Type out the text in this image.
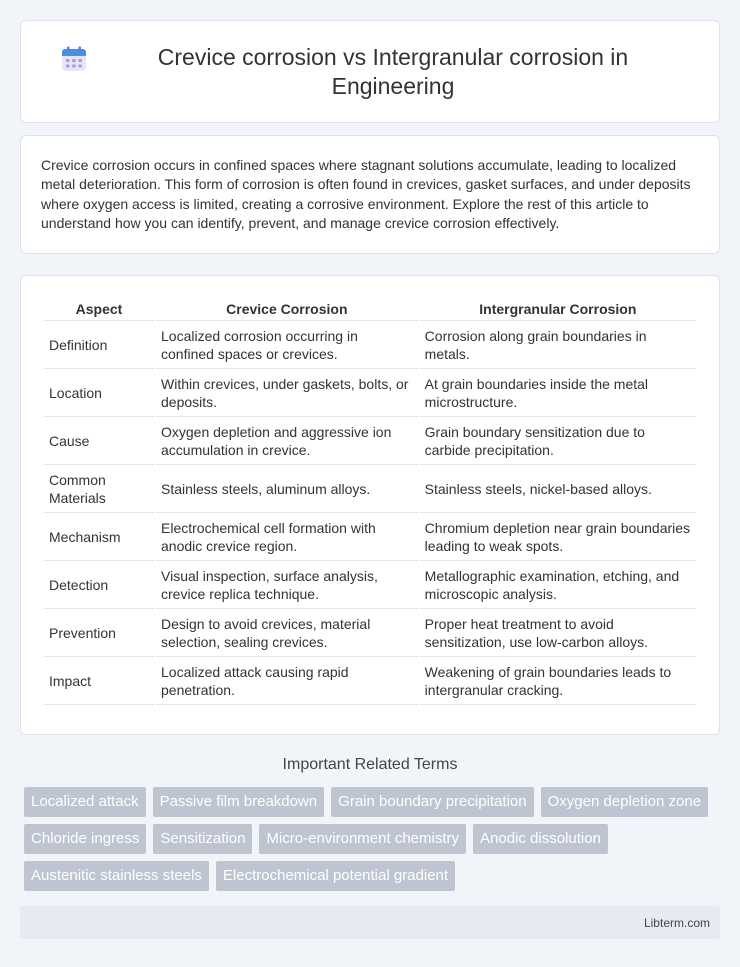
Crevice corrosion vs Intergranular corrosion in Engineering
Crevice corrosion occurs in confined spaces where stagnant solutions accumulate, leading to localized metal deterioration. This form of corrosion is often found in crevices, gasket surfaces, and under deposits where oxygen access is limited, creating a corrosive environment. Explore the rest of this article to understand how you can identify, prevent, and manage crevice corrosion effectively.
Aspect	Crevice Corrosion	Intergranular Corrosion
Definition	Localized corrosion occurring in confined spaces or crevices.	Corrosion along grain boundaries in metals.
Location	Within crevices, under gaskets, bolts, or deposits.	At grain boundaries inside the metal microstructure.
Cause	Oxygen depletion and aggressive ion accumulation in crevice.	Grain boundary sensitization due to carbide precipitation.
Common Materials	Stainless steels, aluminum alloys.	Stainless steels, nickel-based alloys.
Mechanism	Electrochemical cell formation with anodic crevice region.	Chromium depletion near grain boundaries leading to weak spots.
Detection	Visual inspection, surface analysis, crevice replica technique.	Metallographic examination, etching, and microscopic analysis.
Prevention	Design to avoid crevices, material selection, sealing crevices.	Proper heat treatment to avoid sensitization, use low-carbon alloys.
Impact	Localized attack causing rapid penetration.	Weakening of grain boundaries leads to intergranular cracking.
Important Related Terms
Localized attack	Passive film breakdown	Grain boundary precipitation	Oxygen depletion zone
Chloride ingress	Sensitization	Micro-environment chemistry	Anodic dissolution
Austenitic stainless steels	Electrochemical potential gradient
Libterm.com
